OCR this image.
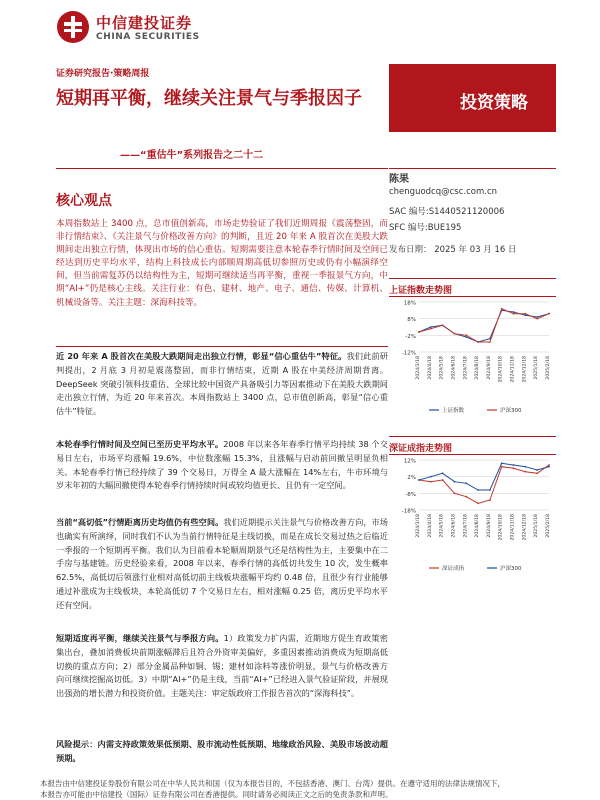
中信建投证券
CHINA SECURITIES
证券研究报告·策略周报
短期再平衡，继续关注景气与季报因子
——“重估牛”系列报告之二十二
投资策略
核心观点
本周指数站上 3400 点，总市值创新高，市场走势验证了我们近期周报《震荡整固，而非行情结束》、《关注景气与价格改善方向》的判断，且近 20 年来 A 股首次在美股大跌期间走出独立行情，体现出市场的信心重估。短期需要注意本轮春季行情时间及空间已经达到历史平均水平，结构上科技成长内部顺周期高低切参照历史或仍有小幅演绎空间，但当前需复苏仍以结构性为主，短期可继续适当再平衡，重视一季报景气方向，中期“AI+”仍是核心主线。关注行业：有色、建材、地产、电子、通信、传媒、计算机、机械设备等。关注主题：深海科技等。
近 20 年来 A 股首次在美股大跌期间走出独立行情，彰显“信心重估牛”特征。我们此前研判提出，2 月底 3 月初是震荡整固，而非行情结束，近期 A 股在中美经济周期背离。DeepSeek 突破引领科技重估、全球比较中国资产具备吸引力等因素推动下在美股大跌期间走出独立行情，为近 20 年来首次。本周指数站上 3400 点，总市值创新高，彰显“信心重估牛”特征。
本轮春季行情时间及空间已至历史平均水平。2008 年以来各年春季行情平均持续 38 个交易日左右，市场平均涨幅 19.6%，中位数涨幅 15.3%，且涨幅与启动前回撤呈明显负相关。本轮春季行情已经持续了 39 个交易日，万得全 A 最大涨幅在 14%左右，牛市环境与岁末年初的大幅回撤使得本轮春季行情持续时间或较均值更长、且仍有一定空间。
当前“高切低”行情距离历史均值仍有些空间。我们近期提示关注景气与价格改善方向，市场也确实有所演绎，同时我们不认为当前行情特征是主线切换，而是在成长交易过热之后临近一季报的一个短期再平衡。我们认为目前看本轮顺周期景气还是结构性为主，主要集中在二手房与基建链。历史经验来看，2008 年以来，春季行情的高低切共发生 10 次，发生概率 62.5%，高低切后领涨行业相对高低切前主线板块涨幅平均约 0.48 倍，且很少有行业能够通过补涨成为主线板块，本轮高低切 7 个交易日左右，相对涨幅 0.25 倍，离历史平均水平还有空间。
短期适度再平衡，继续关注景气与季报方向。1）政策发力扩内需，近期地方促生育政策密集出台，叠加消费板块前期涨幅滞后且符合外资审美偏好，多重因素推动消费成为短期高低切换的重点方向；2）部分金属品种如铜、锡；建材如涂料等涨价明显，景气与价格改善方向可继续挖掘高切低。3）中期“AI+”仍是主线，当前“AI+”已经进入景气验证阶段，并展现出强劲的增长潜力和投资价值。主题关注：审定版政府工作报告首次的“深海科技”。
风险提示：内需支持政策效果低预期、股市流动性低预期、地缘政治风险、美股市场波动超预期。
陈果
chenguodcq@csc.com.cn
SAC 编号:S1440521120006
SFC 编号:BUE195
发布日期： 2025 年 03 月 16 日
上证指数走势图
18%
8%
-2%
-12%
2024/3/18 2024/4/18 2024/5/18 2024/6/18 2024/7/18 2024/8/18 2024/9/18 2024/10/18 2024/11/18 2024/12/18 2025/1/18 2025/2/18
上证指数	沪深300
深证成指走势图
12%
2%
-8%
-18%
2024/3/18 2024/4/18 2024/5/18 2024/6/18 2024/7/18 2024/8/18 2024/9/18 2024/10/18 2024/11/18 2024/12/18 2025/1/18 2025/2/18
深证成指	沪深300
本报告由中信建投证券股份有限公司在中华人民共和国（仅为本报告目的，不包括香港、澳门、台湾）提供。在遵守适用的法律法规情况下，
本报告亦可能由中信建投（国际）证券有限公司在香港提供。同时请务必阅读正文之后的免责条款和声明。
